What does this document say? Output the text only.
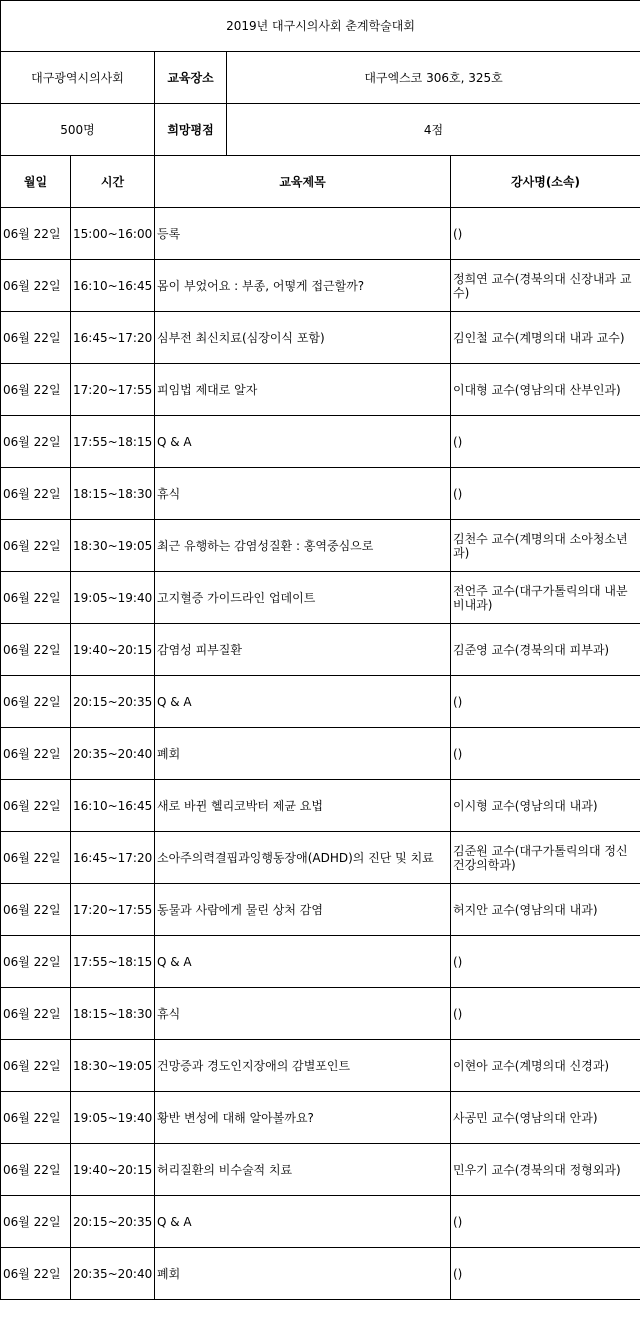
2019년 대구시의사회 춘계학술대회				
대구광역시의사회		교육장소	대구엑스코 306호, 325호	
500명		희망평점	4점	
월일	시간	교육제목		강사명(소속)
06월 22일	15:00~16:00	등록		()
06월 22일	16:10~16:45	몸이 부었어요 : 부종, 어떻게 접근할까?		정희연 교수(경북의대 신장내과 교수)
06월 22일	16:45~17:20	심부전 최신치료(심장이식 포함)		김인철 교수(계명의대 내과 교수)
06월 22일	17:20~17:55	피임법 제대로 알자		이대형 교수(영남의대 산부인과)
06월 22일	17:55~18:15	Q & A		()
06월 22일	18:15~18:30	휴식		()
06월 22일	18:30~19:05	최근 유행하는 감염성질환 : 홍역중심으로		김천수 교수(계명의대 소아청소년과)
06월 22일	19:05~19:40	고지혈증 가이드라인 업데이트		전언주 교수(대구가톨릭의대 내분비내과)
06월 22일	19:40~20:15	감염성 피부질환		김준영 교수(경북의대 피부과)
06월 22일	20:15~20:35	Q & A		()
06월 22일	20:35~20:40	폐회		()
06월 22일	16:10~16:45	새로 바뀐 헬리코박터 제균 요법		이시형 교수(영남의대 내과)
06월 22일	16:45~17:20	소아주의력결핍과잉행동장애(ADHD)의 진단 및 치료		김준원 교수(대구가톨릭의대 정신건강의학과)
06월 22일	17:20~17:55	동물과 사람에게 물린 상처 감염		허지안 교수(영남의대 내과)
06월 22일	17:55~18:15	Q & A		()
06월 22일	18:15~18:30	휴식		()
06월 22일	18:30~19:05	건망증과 경도인지장애의 감별포인트		이현아 교수(계명의대 신경과)
06월 22일	19:05~19:40	황반 변성에 대해 알아볼까요?		사공민 교수(영남의대 안과)
06월 22일	19:40~20:15	허리질환의 비수술적 치료		민우기 교수(경북의대 정형외과)
06월 22일	20:15~20:35	Q & A		()
06월 22일	20:35~20:40	폐회		()
